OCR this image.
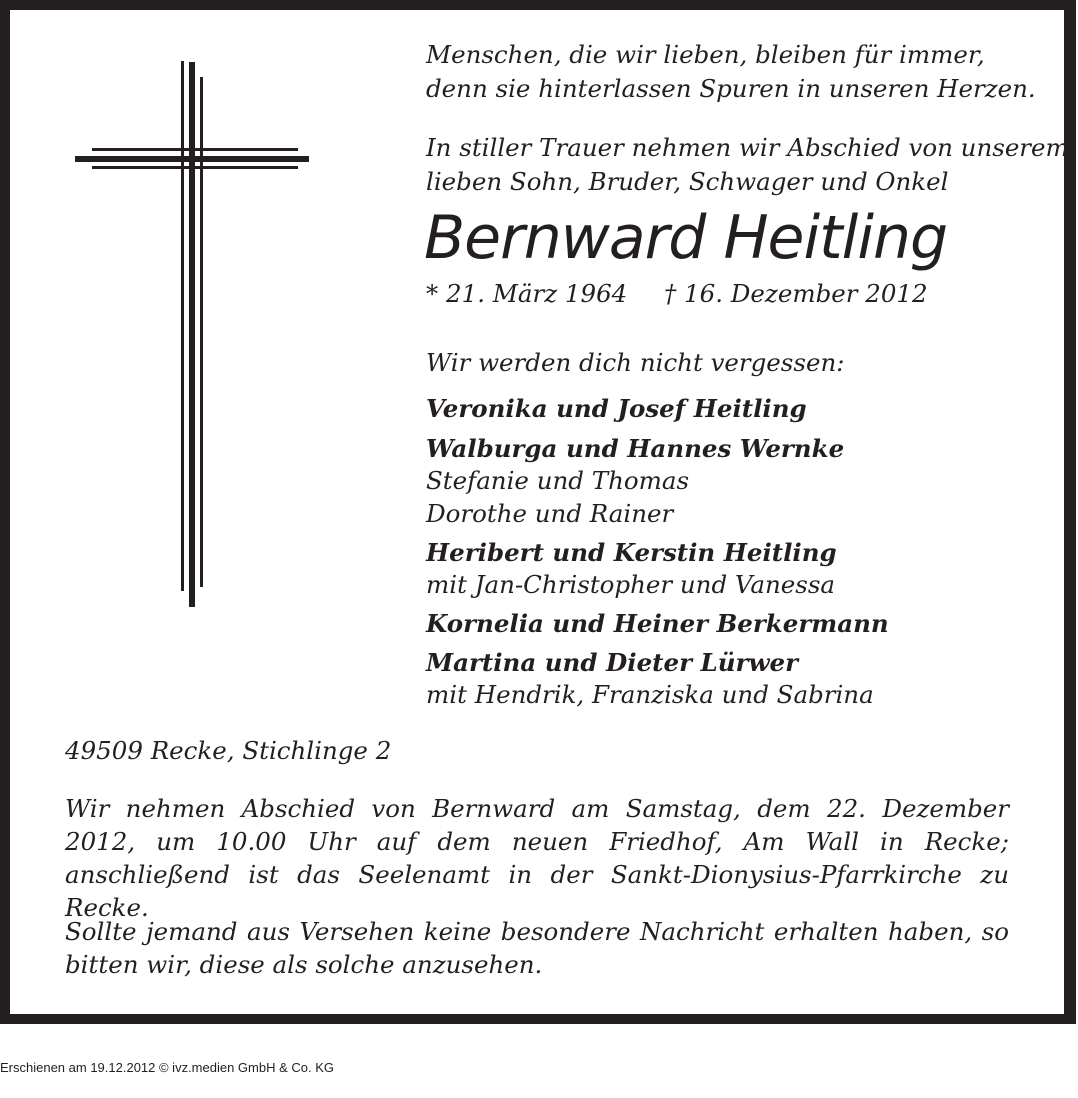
Menschen, die wir lieben, bleiben für immer,

denn sie hinterlassen Spuren in unseren Herzen.

In stiller Trauer nehmen wir Abschied von unserem

lieben Sohn, Bruder, Schwager und Onkel

Bernward Heitling

* 21. März 1964 † 16. Dezember 2012

Wir werden dich nicht vergessen:

Veronika und Josef Heitling

Walburga und Hannes Wernke

Stefanie und Thomas

Dorothe und Rainer

Heribert und Kerstin Heitling

mit Jan-Christopher und Vanessa

Kornelia und Heiner Berkermann

Martina und Dieter Lürwer

mit Hendrik, Franziska und Sabrina

49509 Recke, Stichlinge 2

Wir nehmen Abschied von Bernward am Samstag, dem 22. Dezember 2012, um 10.00 Uhr auf dem neuen Friedhof, Am Wall in Recke; anschließend ist das Seelenamt in der Sankt-Dionysius-Pfarrkirche zu Recke.

Sollte jemand aus Versehen keine besondere Nachricht erhalten haben, so bitten wir, diese als solche anzusehen.

Erschienen am 19.12.2012 © ivz.medien GmbH & Co. KG
